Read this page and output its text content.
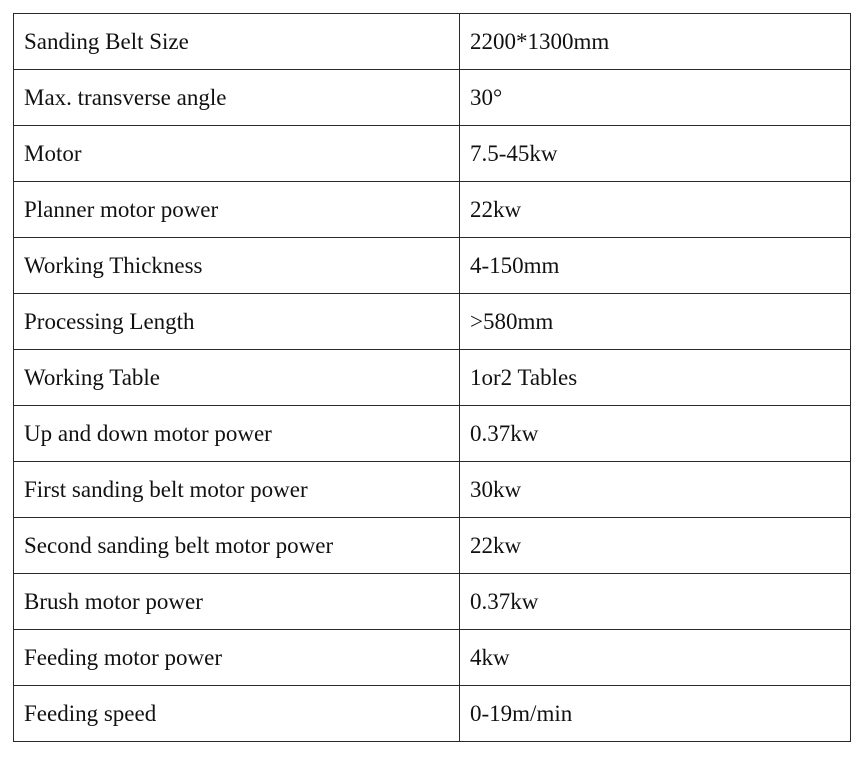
Sanding Belt Size	2200*1300mm
Max. transverse angle	30°
Motor	7.5-45kw
Planner motor power	22kw
Working Thickness	4-150mm
Processing Length	>580mm
Working Table	1or2 Tables
Up and down motor power	0.37kw
First sanding belt motor power	30kw
Second sanding belt motor power	22kw
Brush motor power	0.37kw
Feeding motor power	4kw
Feeding speed	0-19m/min
